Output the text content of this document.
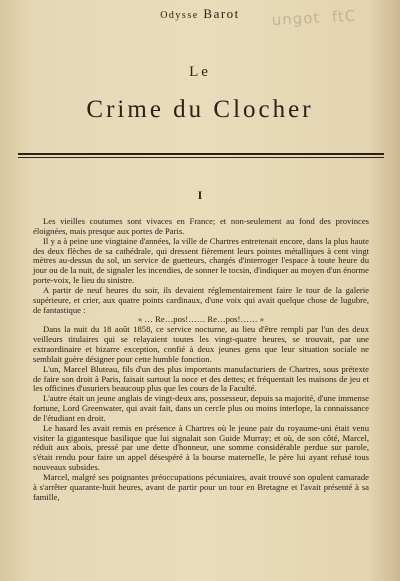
ungot  ftC
Odysse Barot
Le
Crime du Clocher
I

Les vieilles coutumes sont vivaces en France; et non-seulement au fond des provinces éloignées, mais presque aux portes de Paris.

Il y a à peine une vingtaine d'années, la ville de Chartres entretenait encore, dans la plus haute des deux flèches de sa cathédrale, qui dressent fièrement leurs pointes métalliques à cent vingt mètres au-dessus du sol, un service de guetteurs, chargés d'interroger l'espace à toute heure du jour ou de la nuit, de signaler les incendies, de sonner le tocsin, d'indiquer au moyen d'un énorme porte-voix, le lieu du sinistre.

A partir de neuf heures du soir, ils devaient réglementairement faire le tour de la galerie supérieure, et crier, aux quatre points cardinaux, d'une voix qui avait quelque chose de lugubre, de fantastique :

« … Re…pos!…… Re…pos!…… »

Dans la nuit du 18 août 1858, ce service nocturne, au lieu d'être rempli par l'un des deux veilleurs titulaires qui se relayaient toutes les vingt-quatre heures, se trouvait, par une extraordinaire et bizarre exception, confié à deux jeunes gens que leur situation sociale ne semblait guère désigner pour cette humble fonction.

L'un, Marcel Bluteau, fils d'un des plus importants manufacturiers de Chartres, sous prétexte de faire son droit à Paris, faisait surtout la noce et des dettes; et fréquentait les maisons de jeu et les officines d'usuriers beaucoup plus que les cours de la Faculté.

L'autre était un jeune anglais de vingt-deux ans, possesseur, depuis sa majorité, d'une immense fortune, Lord Greenwater, qui avait fait, dans un cercle plus ou moins interlope, la connaissance de l'étudiant en droit.

Le hasard les avait remis en présence à Chartres où le jeune pair du royaume-uni était venu visiter la gigantesque basilique que lui signalait son Guide Murray; et où, de son côté, Marcel, réduit aux abois, pressé par une dette d'honneur, une somme considérable perdue sur parole, s'était rendu pour faire un appel désespéré à la bourse maternelle, le père lui ayant refusé tous nouveaux subsides.

Marcel, malgré ses poignantes préoccupations pécuniaires, avait trouvé son opulent camarade à s'arrêter quarante-huit heures, avant de partir pour un tour en Bretagne et l'avait présenté à sa famille,
